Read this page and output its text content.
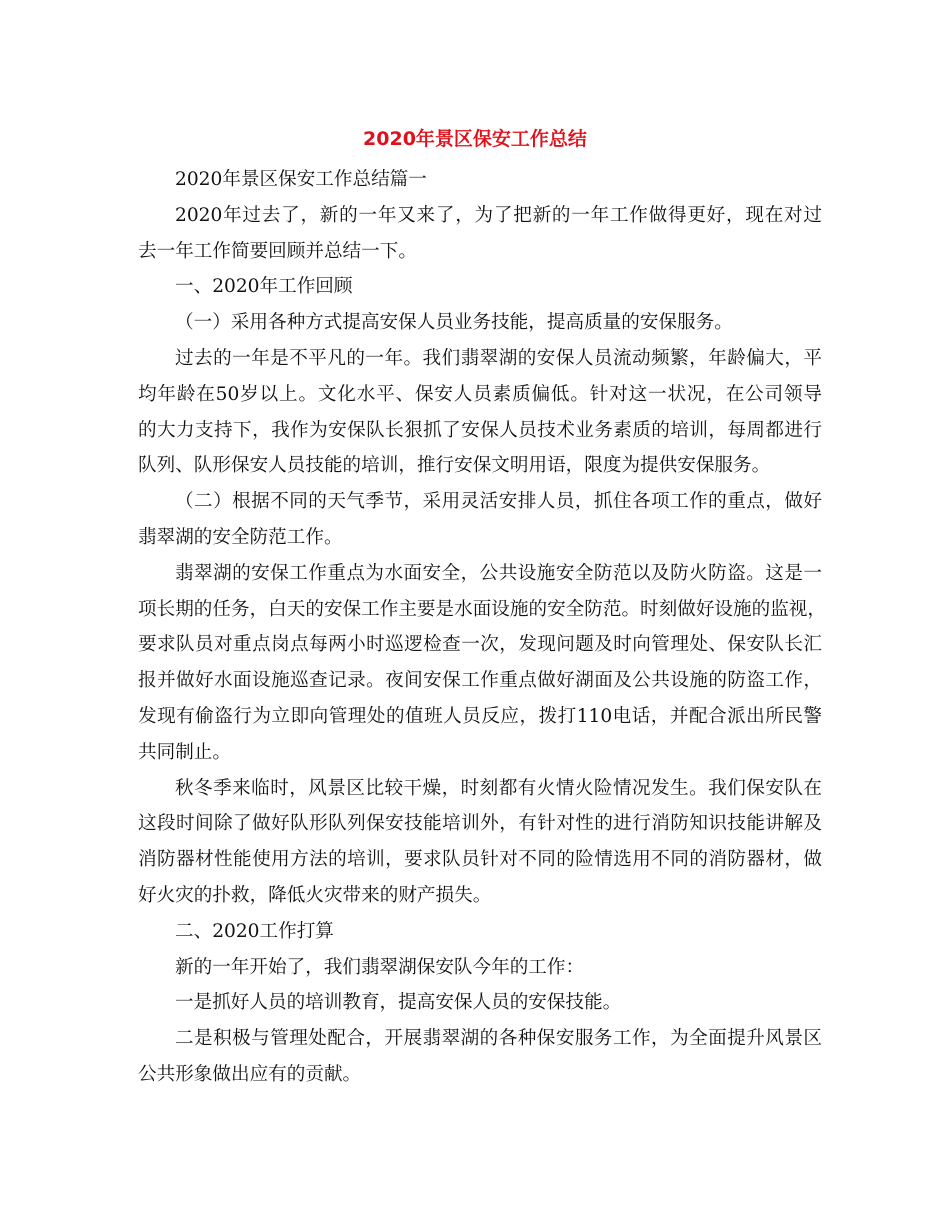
2020年景区保安工作总结
2020年景区保安工作总结篇一
2020年过去了，新的一年又来了，为了把新的一年工作做得更好，现在对过
去一年工作简要回顾并总结一下。
一、2020年工作回顾
（一）采用各种方式提高安保人员业务技能，提高质量的安保服务。
过去的一年是不平凡的一年。我们翡翠湖的安保人员流动频繁，年龄偏大，平
均年龄在50岁以上。文化水平、保安人员素质偏低。针对这一状况，在公司领导
的大力支持下，我作为安保队长狠抓了安保人员技术业务素质的培训，每周都进行
队列、队形保安人员技能的培训，推行安保文明用语，限度为提供安保服务。
（二）根据不同的天气季节，采用灵活安排人员，抓住各项工作的重点，做好
翡翠湖的安全防范工作。
翡翠湖的安保工作重点为水面安全，公共设施安全防范以及防火防盗。这是一
项长期的任务，白天的安保工作主要是水面设施的安全防范。时刻做好设施的监视，
要求队员对重点岗点每两小时巡逻检查一次，发现问题及时向管理处、保安队长汇
报并做好水面设施巡查记录。夜间安保工作重点做好湖面及公共设施的防盗工作，
发现有偷盗行为立即向管理处的值班人员反应，拨打110电话，并配合派出所民警
共同制止。
秋冬季来临时，风景区比较干燥，时刻都有火情火险情况发生。我们保安队在
这段时间除了做好队形队列保安技能培训外，有针对性的进行消防知识技能讲解及
消防器材性能使用方法的培训，要求队员针对不同的险情选用不同的消防器材，做
好火灾的扑救，降低火灾带来的财产损失。
二、2020工作打算
新的一年开始了，我们翡翠湖保安队今年的工作：
一是抓好人员的培训教育，提高安保人员的安保技能。
二是积极与管理处配合，开展翡翠湖的各种保安服务工作，为全面提升风景区
公共形象做出应有的贡献。
